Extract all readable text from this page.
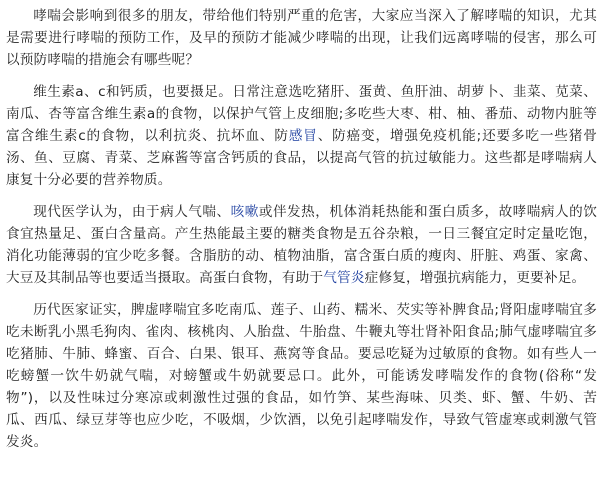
哮喘会影响到很多的朋友，带给他们特别严重的危害，大家应当深入了解哮喘的知识，尤其是需要进行哮喘的预防工作，及早的预防才能减少哮喘的出现，让我们远离哮喘的侵害，那么可以预防哮喘的措施会有哪些呢？

维生素a、c和钙质，也要摄足。日常注意选吃猪肝、蛋黄、鱼肝油、胡萝卜、韭菜、苋菜、南瓜、杏等富含维生素a的食物，以保护气管上皮细胞;多吃些大枣、柑、柚、番茄、动物内脏等富含维生素c的食物，以利抗炎、抗坏血、防感冒、防癌变，增强免疫机能;还要多吃一些猪骨汤、鱼、豆腐、青菜、芝麻酱等富含钙质的食品，以提高气管的抗过敏能力。这些都是哮喘病人康复十分必要的营养物质。

现代医学认为，由于病人气喘、咳嗽或伴发热，机体消耗热能和蛋白质多，故哮喘病人的饮食宜热量足、蛋白含量高。产生热能最主要的糖类食物是五谷杂粮，一日三餐宜定时定量吃饱，消化功能薄弱的宜少吃多餐。含脂肪的动、植物油脂，富含蛋白质的瘦肉、肝脏、鸡蛋、家禽、大豆及其制品等也要适当摄取。高蛋白食物，有助于气管炎症修复，增强抗病能力，更要补足。

历代医家证实，脾虚哮喘宜多吃南瓜、莲子、山药、糯米、芡实等补脾食品;肾阳虚哮喘宜多吃未断乳小黑毛狗肉、雀肉、核桃肉、人胎盘、牛胎盘、牛鞭丸等壮肾补阳食品;肺气虚哮喘宜多吃猪肺、牛肺、蜂蜜、百合、白果、银耳、燕窝等食品。要忌吃疑为过敏原的食物。如有些人一吃螃蟹一饮牛奶就气喘，对螃蟹或牛奶就要忌口。此外，可能诱发哮喘发作的食物(俗称“发物”)，以及性味过分寒凉或刺激性过强的食品，如竹笋、某些海味、贝类、虾、蟹、牛奶、苦瓜、西瓜、绿豆芽等也应少吃，不吸烟，少饮酒，以免引起哮喘发作，导致气管虚寒或刺激气管发炎。
